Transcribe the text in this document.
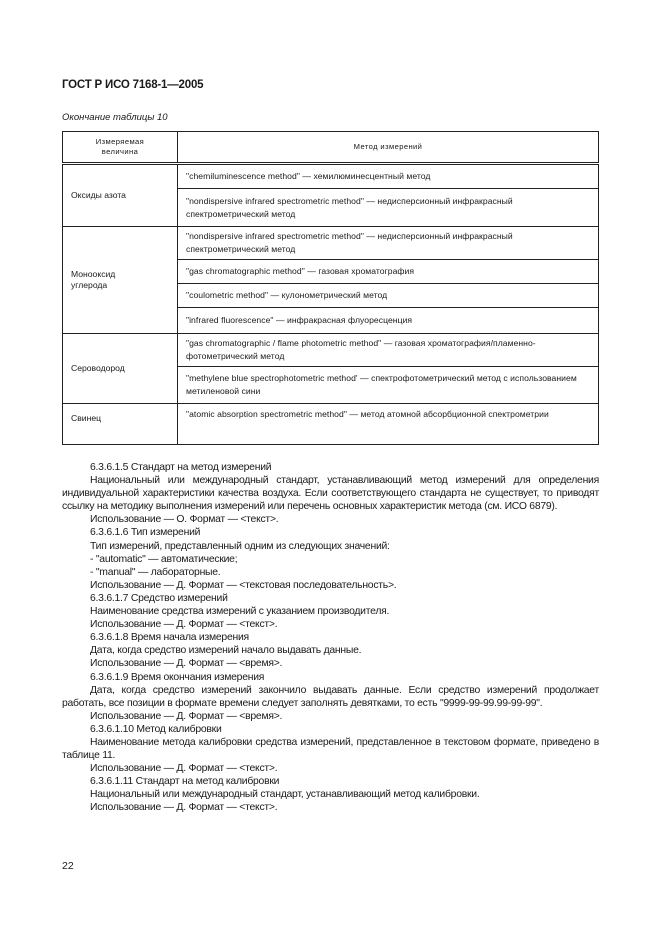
ГОСТ Р ИСО 7168-1—2005
Окончание таблицы 10
Измеряемая величина	Метод измерений
Оксиды азота	"chemiluminescence method" — хемилюминесцентный метод
	"nondispersive infrared spectrometric method" — недисперсионный инфракрасный спектрометрический метод
Монооксид углерода	"nondispersive infrared spectrometric method" — недисперсионный инфракрасный спектрометрический метод
	"gas chromatographic method" — газовая хроматография
	"coulometric method" — кулонометрический метод
	"infrared fluorescence" — инфракрасная флуоресценция
Сероводород	"gas chromatographic / flame photometric method" — газовая хроматография/пламенно-фотометрический метод
	"methylene blue spectrophotometric method' — спектрофотометрический метод с использованием метиленовой сини
Свинец	"atomic absorption spectrometric method" — метод атомной абсорбционной спектрометрии

6.3.6.1.5 Стандарт на метод измерений

Национальный или международный стандарт, устанавливающий метод измерений для определения индивидуальной характеристики качества воздуха. Если соответствующего стандарта не существует, то приводят ссылку на методику выполнения измерений или перечень основных характеристик метода (см. ИСО 6879).

Использование — О. Формат — <текст>.

6.3.6.1.6 Тип измерений

Тип измерений, представленный одним из следующих значений:

- "automatic" — автоматические;

- "manual" — лабораторные.

Использование — Д. Формат — <текстовая последовательность>.

6.3.6.1.7 Средство измерений

Наименование средства измерений с указанием производителя.

Использование — Д. Формат — <текст>.

6.3.6.1.8 Время начала измерения

Дата, когда средство измерений начало выдавать данные.

Использование — Д. Формат — <время>.

6.3.6.1.9 Время окончания измерения

Дата, когда средство измерений закончило выдавать данные. Если средство измерений продолжает работать, все позиции в формате времени следует заполнять девятками, то есть "9999-99-99.99-99-99".

Использование — Д. Формат — <время>.

6.3.6.1.10 Метод калибровки

Наименование метода калибровки средства измерений, представленное в текстовом формате, приведено в таблице 11.

Использование — Д. Формат — <текст>.

6.3.6.1.11 Стандарт на метод калибровки

Национальный или международный стандарт, устанавливающий метод калибровки.

Использование — Д. Формат — <текст>.

22
